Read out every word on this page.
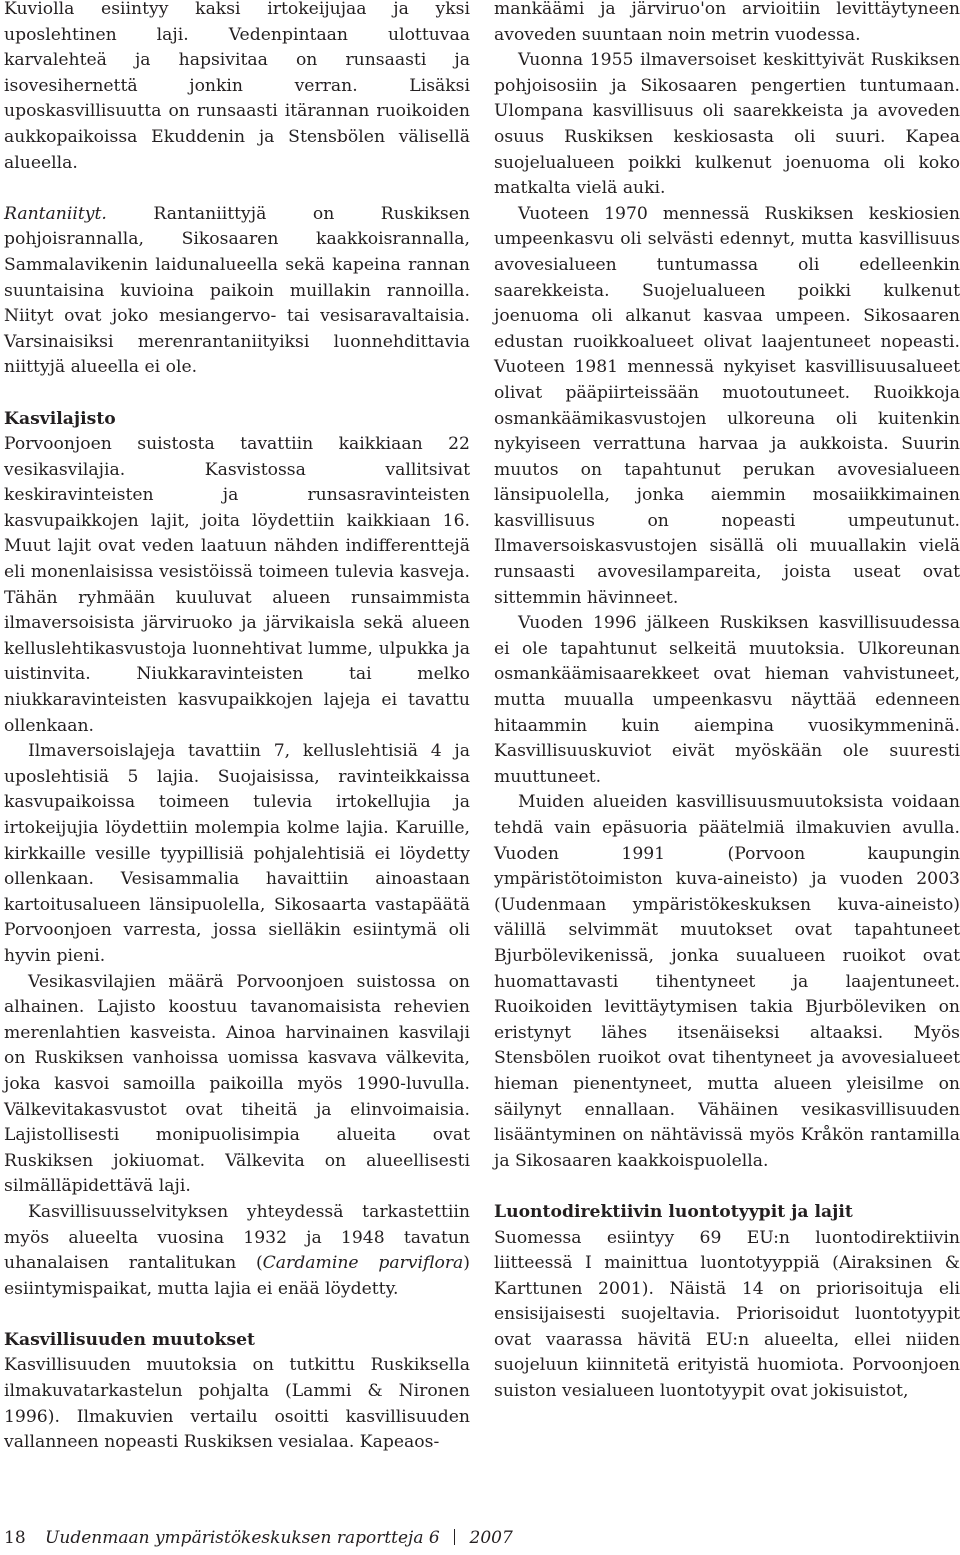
Kuviolla esiintyy kaksi irtokeijujaa ja yksi uposlehtinen laji. Vedenpintaan ulottuvaa karvalehteä ja hapsivitaa on runsaasti ja isovesihernettä jonkin verran. Lisäksi uposkasvillisuutta on runsaasti itärannan ruoikoiden aukkopaikoissa Ekuddenin ja Stensbölen välisellä alueella.

Rantaniityt. Rantaniittyjä on Ruskiksen pohjoisrannalla, Sikosaaren kaakkoisrannalla, Sammalavikenin laidunalueella sekä kapeina rannan suuntaisina kuvioina paikoin muillakin rannoilla. Niityt ovat joko mesiangervo- tai vesisaravaltaisia. Varsinaisiksi merenrantaniityiksi luonnehdittavia niittyjä alueella ei ole.

Kasvilajisto

Porvoonjoen suistosta tavattiin kaikkiaan 22 vesikasvilajia. Kasvistossa vallitsivat keskiravinteisten ja runsasravinteisten kasvupaikkojen lajit, joita löydettiin kaikkiaan 16. Muut lajit ovat veden laatuun nähden indifferenttejä eli monenlaisissa vesistöissä toimeen tulevia kasveja. Tähän ryhmään kuuluvat alueen runsaimmista ilmaversoisista järviruoko ja järvikaisla sekä alueen kelluslehtikasvustoja luonnehtivat lumme, ulpukka ja uistinvita. Niukkaravinteisten tai melko niukkaravinteisten kasvupaikkojen lajeja ei tavattu ollenkaan.

Ilmaversoislajeja tavattiin 7, kelluslehtisiä 4 ja uposlehtisiä 5 lajia. Suojaisissa, ravinteikkaissa kasvupaikoissa toimeen tulevia irtokellujia ja irtokeijujia löydettiin molempia kolme lajia. Karuille, kirkkaille vesille tyypillisiä pohjalehtisiä ei löydetty ollenkaan. Vesisammalia havaittiin ainoastaan kartoitusalueen länsipuolella, Sikosaarta vastapäätä Porvoonjoen varresta, jossa sielläkin esiintymä oli hyvin pieni.

Vesikasvilajien määrä Porvoonjoen suistossa on alhainen. Lajisto koostuu tavanomaisista rehevien merenlahtien kasveista. Ainoa harvinainen kasvilaji on Ruskiksen vanhoissa uomissa kasvava välkevita, joka kasvoi samoilla paikoilla myös 1990-luvulla. Välkevitakasvustot ovat tiheitä ja elinvoimaisia. Lajistollisesti monipuolisimpia alueita ovat Ruskiksen jokiuomat. Välkevita on alueellisesti silmälläpidettävä laji.

Kasvillisuusselvityksen yhteydessä tarkastettiin myös alueelta vuosina 1932 ja 1948 tavatun uhanalaisen rantalitukan (Cardamine parviflora) esiintymispaikat, mutta lajia ei enää löydetty.

Kasvillisuuden muutokset

Kasvillisuuden muutoksia on tutkittu Ruskiksella ilmakuvatarkastelun pohjalta (Lammi & Nironen 1996). Ilmakuvien vertailu osoitti kasvillisuuden vallanneen nopeasti Ruskiksen vesialaa. Kapeaos-

mankäämi ja järviruo'on arvioitiin levittäytyneen avoveden suuntaan noin metrin vuodessa.

Vuonna 1955 ilmaversoiset keskittyivät Ruskiksen pohjoisosiin ja Sikosaaren pengertien tuntumaan. Ulompana kasvillisuus oli saarekkeista ja avoveden osuus Ruskiksen keskiosasta oli suuri. Kapea suojelualueen poikki kulkenut joenuoma oli koko matkalta vielä auki.

Vuoteen 1970 mennessä Ruskiksen keskiosien umpeenkasvu oli selvästi edennyt, mutta kasvillisuus avovesialueen tuntumassa oli edelleenkin saarekkeista. Suojelualueen poikki kulkenut joenuoma oli alkanut kasvaa umpeen. Sikosaaren edustan ruoikkoalueet olivat laajentuneet nopeasti. Vuoteen 1981 mennessä nykyiset kasvillisuusalueet olivat pääpiirteissään muotoutuneet. Ruoikkoja osmankäämikasvustojen ulkoreuna oli kuitenkin nykyiseen verrattuna harvaa ja aukkoista. Suurin muutos on tapahtunut perukan avovesialueen länsipuolella, jonka aiemmin mosaiikkimainen kasvillisuus on nopeasti umpeutunut. Ilmaversoiskasvustojen sisällä oli muuallakin vielä runsaasti avovesilampareita, joista useat ovat sittemmin hävinneet.

Vuoden 1996 jälkeen Ruskiksen kasvillisuudessa ei ole tapahtunut selkeitä muutoksia. Ulkoreunan osmankäämisaarekkeet ovat hieman vahvistuneet, mutta muualla umpeenkasvu näyttää edenneen hitaammin kuin aiempina vuosikymmeninä. Kasvillisuuskuviot eivät myöskään ole suuresti muuttuneet.

Muiden alueiden kasvillisuusmuutoksista voidaan tehdä vain epäsuoria päätelmiä ilmakuvien avulla. Vuoden 1991 (Porvoon kaupungin ympäristötoimiston kuva-aineisto) ja vuoden 2003 (Uudenmaan ympäristökeskuksen kuva-aineisto) välillä selvimmät muutokset ovat tapahtuneet Bjurbölevikenissä, jonka suualueen ruoikot ovat huomattavasti tihentyneet ja laajentuneet. Ruoikoiden levittäytymisen takia Bjurböleviken on eristynyt lähes itsenäiseksi altaaksi. Myös Stensbölen ruoikot ovat tihentyneet ja avovesialueet hieman pienentyneet, mutta alueen yleisilme on säilynyt ennallaan. Vähäinen vesikasvillisuuden lisääntyminen on nähtävissä myös Kråkön rantamilla ja Sikosaaren kaakkoispuolella.

Luontodirektiivin luontotyypit ja lajit

Suomessa esiintyy 69 EU:n luontodirektiivin liitteessä I mainittua luontotyyppiä (Airaksinen & Karttunen 2001). Näistä 14 on priorisoituja eli ensisijaisesti suojeltavia. Priorisoidut luontotyypit ovat vaarassa hävitä EU:n alueelta, ellei niiden suojeluun kiinnitetä erityistä huomiota. Porvoonjoen suiston vesialueen luontotyypit ovat jokisuistot,

18 Uudenmaan ympäristökeskuksen raportteja 6 2007
